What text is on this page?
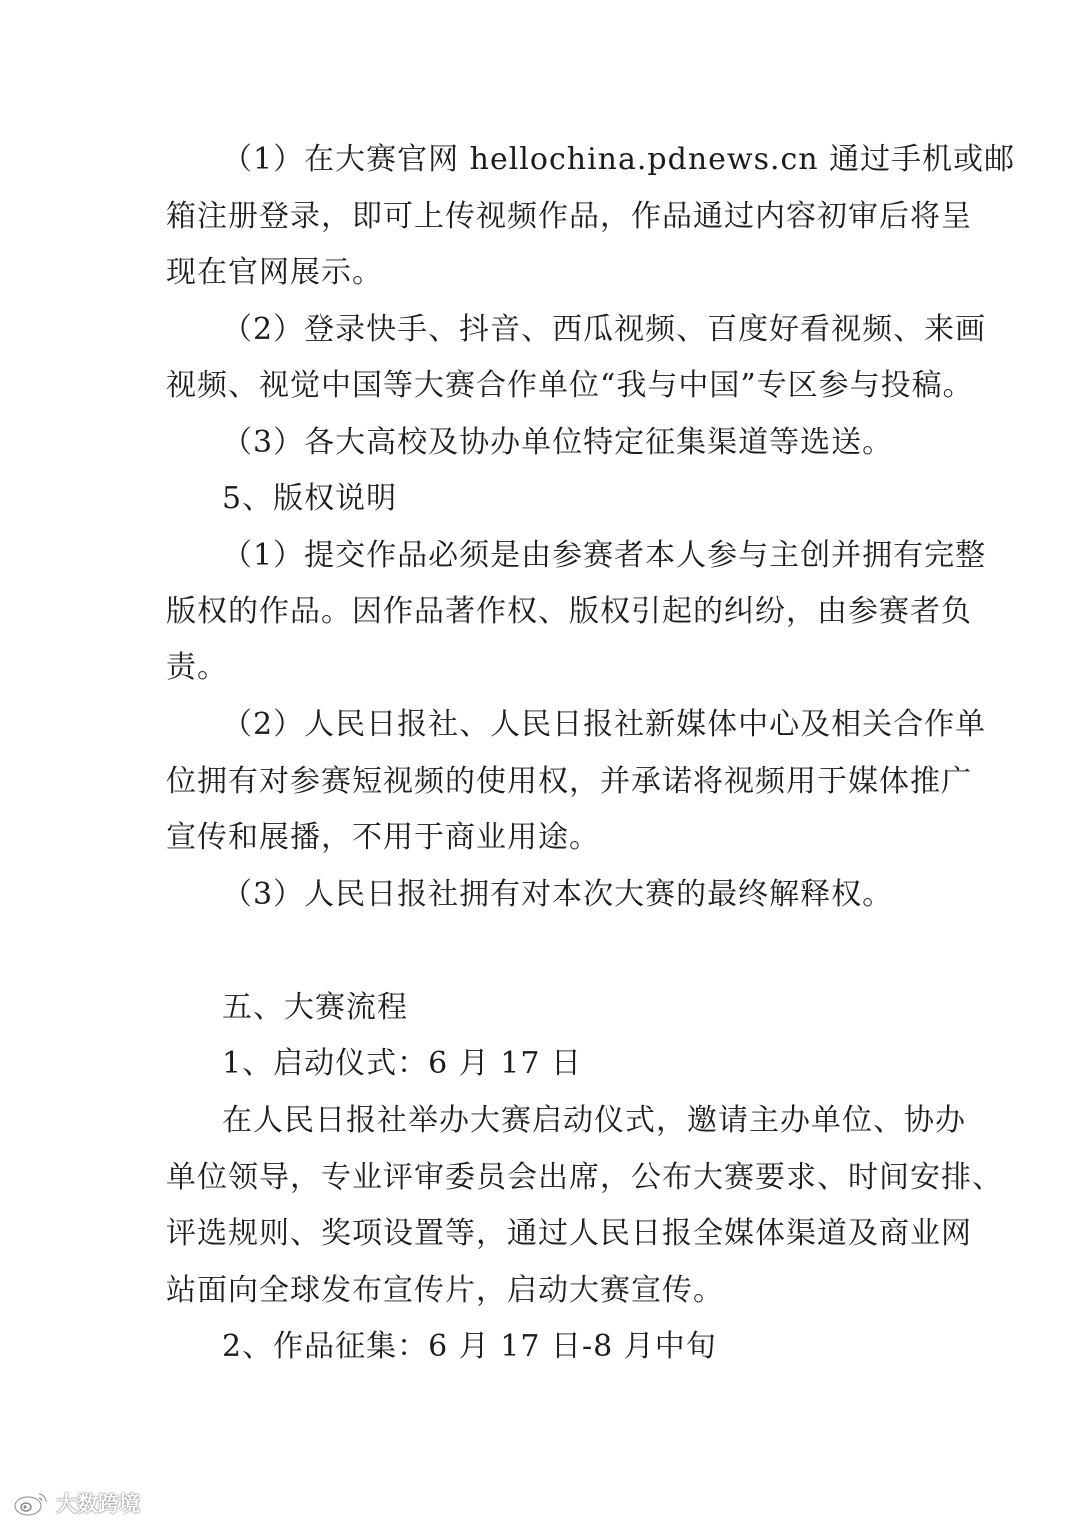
（1）在大赛官网 hellochina.pdnews.cn 通过手机或邮
箱注册登录，即可上传视频作品，作品通过内容初审后将呈
现在官网展示。
（2）登录快手、抖音、西瓜视频、百度好看视频、来画
视频、视觉中国等大赛合作单位“我与中国”专区参与投稿。
（3）各大高校及协办单位特定征集渠道等选送。
5、版权说明
（1）提交作品必须是由参赛者本人参与主创并拥有完整
版权的作品。因作品著作权、版权引起的纠纷，由参赛者负
责。
（2）人民日报社、人民日报社新媒体中心及相关合作单
位拥有对参赛短视频的使用权，并承诺将视频用于媒体推广
宣传和展播，不用于商业用途。
（3）人民日报社拥有对本次大赛的最终解释权。
五、大赛流程
1、启动仪式：6 月 17 日
在人民日报社举办大赛启动仪式，邀请主办单位、协办
单位领导，专业评审委员会出席，公布大赛要求、时间安排、
评选规则、奖项设置等，通过人民日报全媒体渠道及商业网
站面向全球发布宣传片，启动大赛宣传。
2、作品征集：6 月 17 日-8 月中旬
大数跨境
